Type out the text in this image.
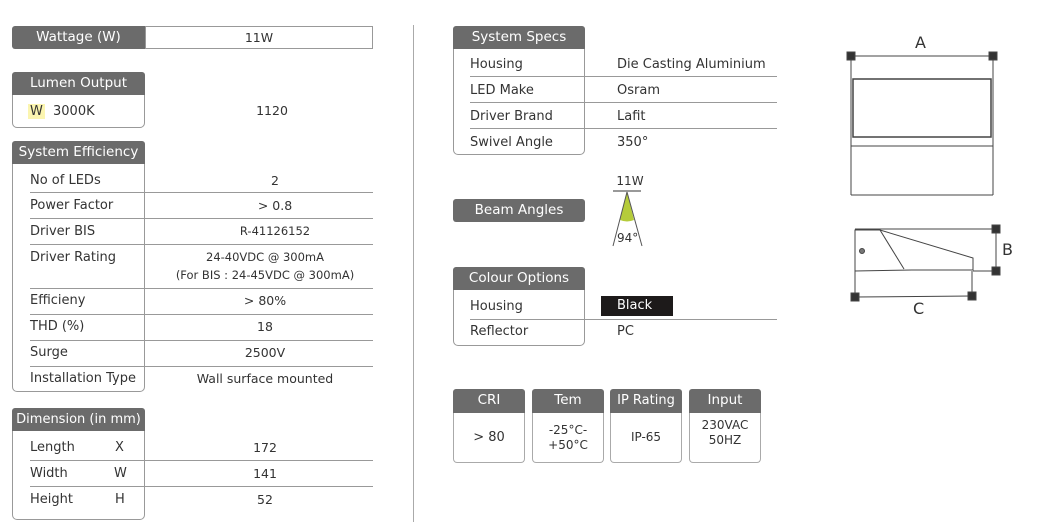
Wattage (W)	11W
Lumen Output
W 3000K	1120
System Efficiency
No of LEDs	2
Power Factor	> 0.8
Driver BIS	R-41126152
Driver Rating	24-40VDC @ 300mA
(For BIS : 24-45VDC @ 300mA)
Efficieny	> 80%
THD (%)	18
Surge	2500V
Installation Type	Wall surface mounted
Dimension (in mm)
Length	X	172
Width	W	141
Height	H	52
System Specs
Housing	Die Casting Aluminium
LED Make	Osram
Driver Brand	Lafit
Swivel Angle	350°
Beam Angles
11W
94°
Colour Options
Housing	Black
Reflector	PC
CRI
> 80
Tem
-25°C-
+50°C
IP Rating
IP-65
Input
230VAC
50HZ
A
B
C
